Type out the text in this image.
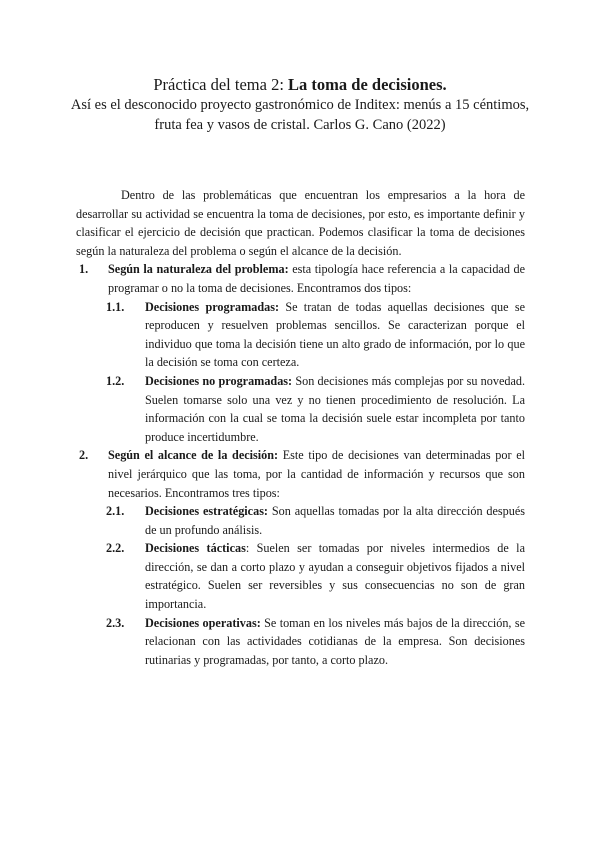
Práctica del tema 2: La toma de decisiones.
Así es el desconocido proyecto gastronómico de Inditex: menús a 15 céntimos, fruta fea y vasos de cristal. Carlos G. Cano (2022)

Dentro de las problemáticas que encuentran los empresarios a la hora de desarrollar su actividad se encuentra la toma de decisiones, por esto, es importante definir y clasificar el ejercicio de decisión que practican. Podemos clasificar la toma de decisiones según la naturaleza del problema o según el alcance de la decisión.

1. Según la naturaleza del problema: esta tipología hace referencia a la capacidad de programar o no la toma de decisiones. Encontramos dos tipos:

1.1. Decisiones programadas: Se tratan de todas aquellas decisiones que se reproducen y resuelven problemas sencillos. Se caracterizan porque el individuo que toma la decisión tiene un alto grado de información, por lo que la decisión se toma con certeza.

1.2. Decisiones no programadas: Son decisiones más complejas por su novedad. Suelen tomarse solo una vez y no tienen procedimiento de resolución. La información con la cual se toma la decisión suele estar incompleta por tanto produce incertidumbre.

2. Según el alcance de la decisión: Este tipo de decisiones van determinadas por el nivel jerárquico que las toma, por la cantidad de información y recursos que son necesarios. Encontramos tres tipos:

2.1. Decisiones estratégicas: Son aquellas tomadas por la alta dirección después de un profundo análisis.

2.2. Decisiones tácticas: Suelen ser tomadas por niveles intermedios de la dirección, se dan a corto plazo y ayudan a conseguir objetivos fijados a nivel estratégico. Suelen ser reversibles y sus consecuencias no son de gran importancia.

2.3. Decisiones operativas: Se toman en los niveles más bajos de la dirección, se relacionan con las actividades cotidianas de la empresa. Son decisiones rutinarias y programadas, por tanto, a corto plazo.
